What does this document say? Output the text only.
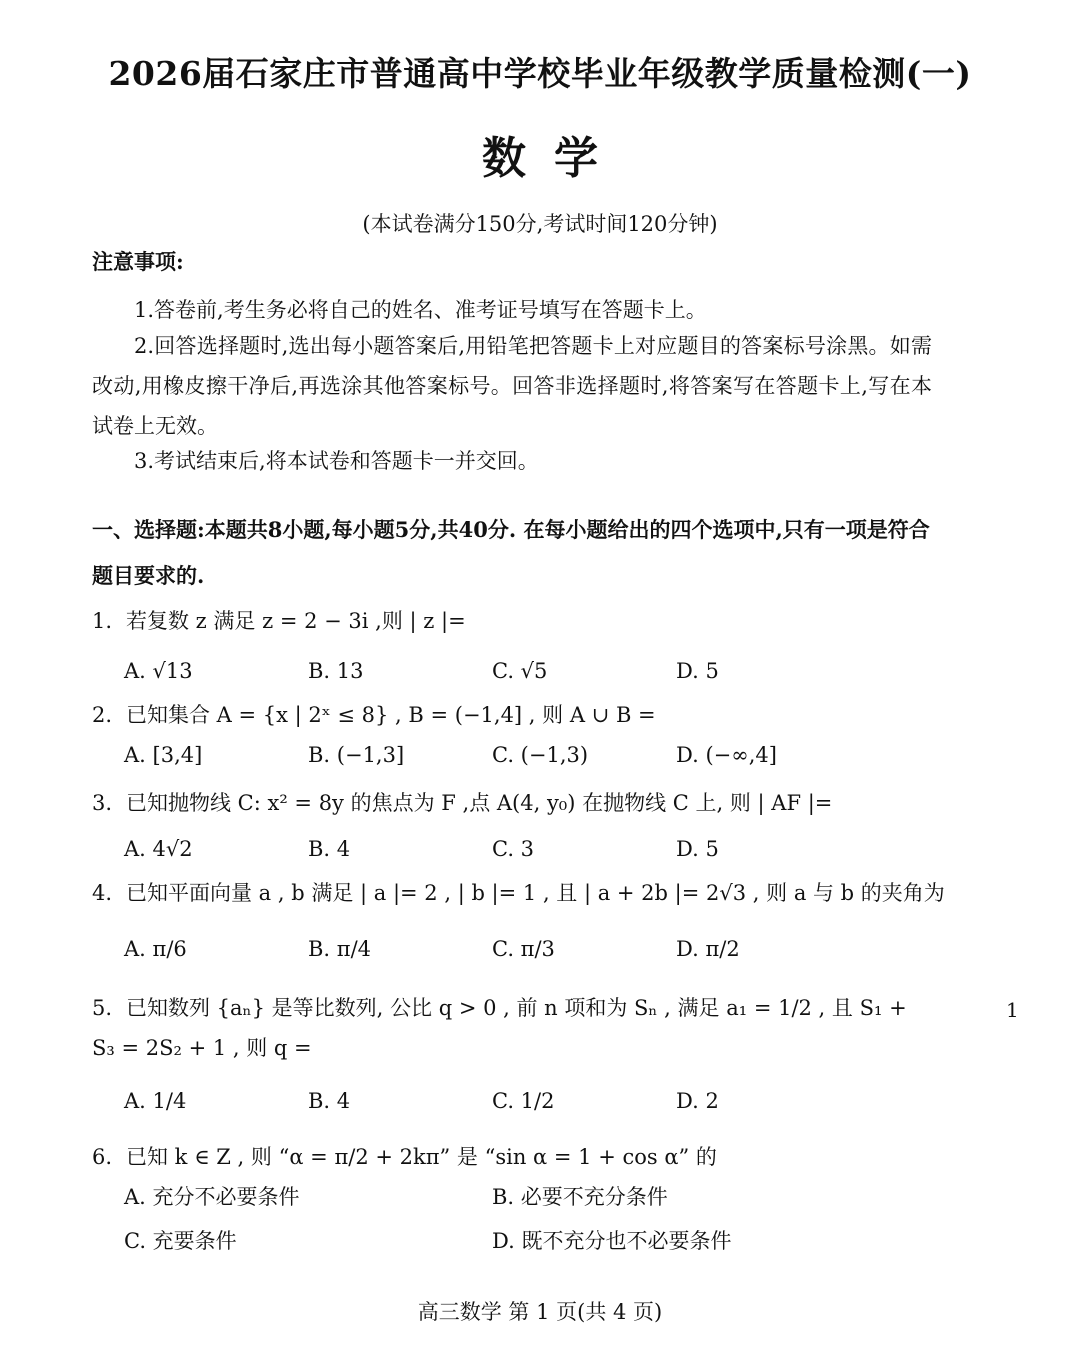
2026届石家庄市普通高中学校毕业年级教学质量检测(一)
数学
(本试卷满分150分,考试时间120分钟)
注意事项:
1.答卷前,考生务必将自己的姓名、准考证号填写在答题卡上。
2.回答选择题时,选出每小题答案后,用铅笔把答题卡上对应题目的答案标号涂黑。如需改动,用橡皮擦干净后,再选涂其他答案标号。回答非选择题时,将答案写在答题卡上,写在本试卷上无效。
3.考试结束后,将本试卷和答题卡一并交回。
一、选择题:本题共8小题,每小题5分,共40分. 在每小题给出的四个选项中,只有一项是符合题目要求的.
1. 若复数 z 满足 z = 2 − 3i ,则 | z |=
A. √13	B. 13	C. √5	D. 5
2. 已知集合 A = {x | 2ˣ ≤ 8} , B = (−1,4] , 则 A ∪ B =
A. [3,4]	B. (−1,3]	C. (−1,3)	D. (−∞,4]
3. 已知抛物线 C: x² = 8y 的焦点为 F ,点 A(4, y₀) 在抛物线 C 上, 则 | AF |=
A. 4√2	B. 4	C. 3	D. 5
4. 已知平面向量 a , b 满足 | a |= 2 , | b |= 1 , 且 | a + 2b |= 2√3 , 则 a 与 b 的夹角为
A. π/6	B. π/4	C. π/3	D. π/2
5. 已知数列 {aₙ} 是等比数列, 公比 q > 0 , 前 n 项和为 Sₙ , 满足 a₁ = 1/2 , 且 S₁ + S₃ = 2S₂ + 1 , 则 q =
A. 1/4	B. 4	C. 1/2	D. 2
6. 已知 k ∈ Z , 则 “α = π/2 + 2kπ” 是 “sin α = 1 + cos α” 的
A. 充分不必要条件	B. 必要不充分条件
C. 充要条件	D. 既不充分也不必要条件
1
高三数学 第 1 页(共 4 页)
